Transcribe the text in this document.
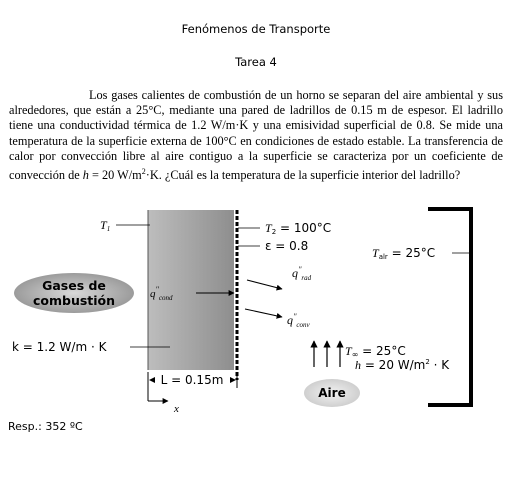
Fenómenos de Transporte
Tarea 4

Los gases calientes de combustión de un horno se separan del aire ambiental y sus alrededores, que están a 25°C, mediante una pared de ladrillos de 0.15 m de espesor. El ladrillo tiene una conductividad térmica de 1.2 W/m·K y una emisividad superficial de 0.8. Se mide una temperatura de la superficie externa de 100°C en condiciones de estado estable. La transferencia de calor por convección libre al aire contiguo a la superficie se caracteriza por un coeficiente de convección de h = 20 $W/m^2\cdot K$. ¿Cuál es la temperatura de la superficie interior del ladrillo?

T1	T2 = 100°C
ε = 0.8	Talr = 25°C
$q''_{rad}$
Gases de
combustión	$q''_{cond}$
$q''_{conv}$
k = 1.2 W/m · K	T∞ = 25°C
h = 20 $W/m^2 \cdot K$
L = 0.15m
x
Aire
Resp.: 352 ºC
